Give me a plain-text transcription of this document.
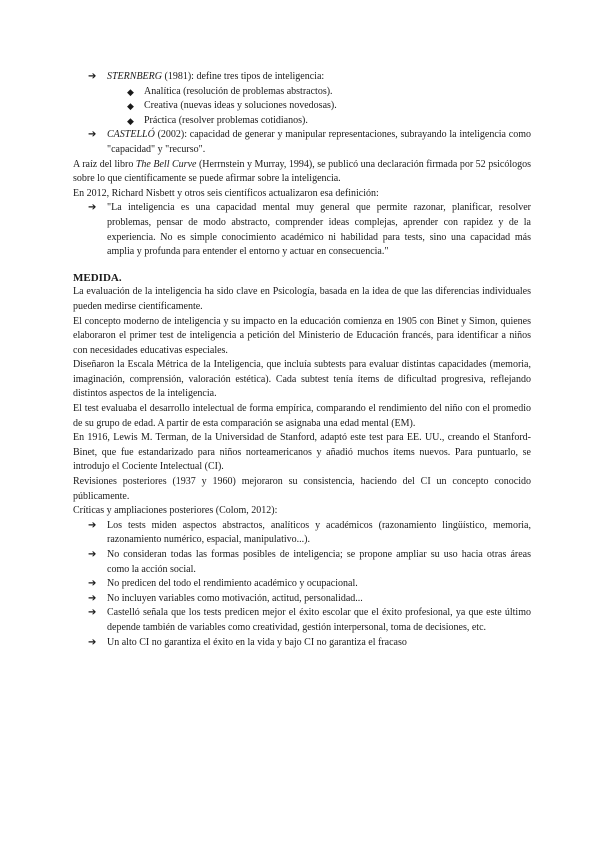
➔ STERNBERG (1981): define tres tipos de inteligencia:

◆ Analítica (resolución de problemas abstractos).

◆ Creativa (nuevas ideas y soluciones novedosas).

◆ Práctica (resolver problemas cotidianos).

➔ CASTELLÓ (2002): capacidad de generar y manipular representaciones, subrayando la inteligencia como "capacidad" y "recurso".

A raíz del libro The Bell Curve (Herrnstein y Murray, 1994), se publicó una declaración firmada por 52 psicólogos sobre lo que científicamente se puede afirmar sobre la inteligencia.

En 2012, Richard Nisbett y otros seis científicos actualizaron esa definición:

➔ "La inteligencia es una capacidad mental muy general que permite razonar, planificar, resolver problemas, pensar de modo abstracto, comprender ideas complejas, aprender con rapidez y de la experiencia. No es simple conocimiento académico ni habilidad para tests, sino una capacidad más amplia y profunda para entender el entorno y actuar en consecuencia."

MEDIDA.

La evaluación de la inteligencia ha sido clave en Psicología, basada en la idea de que las diferencias individuales pueden medirse científicamente.

El concepto moderno de inteligencia y su impacto en la educación comienza en 1905 con Binet y Simon, quienes elaboraron el primer test de inteligencia a petición del Ministerio de Educación francés, para identificar a niños con necesidades educativas especiales.

Diseñaron la Escala Métrica de la Inteligencia, que incluía subtests para evaluar distintas capacidades (memoria, imaginación, comprensión, valoración estética). Cada subtest tenía ítems de dificultad progresiva, reflejando distintos aspectos de la inteligencia.

El test evaluaba el desarrollo intelectual de forma empírica, comparando el rendimiento del niño con el promedio de su grupo de edad. A partir de esta comparación se asignaba una edad mental (EM).

En 1916, Lewis M. Terman, de la Universidad de Stanford, adaptó este test para EE. UU., creando el Stanford-Binet, que fue estandarizado para niños norteamericanos y añadió muchos ítems nuevos. Para puntuarlo, se introdujo el Cociente Intelectual (CI).

Revisiones posteriores (1937 y 1960) mejoraron su consistencia, haciendo del CI un concepto conocido públicamente.

Críticas y ampliaciones posteriores (Colom, 2012):

➔ Los tests miden aspectos abstractos, analíticos y académicos (razonamiento lingüístico, memoria, razonamiento numérico, espacial, manipulativo...).

➔ No consideran todas las formas posibles de inteligencia; se propone ampliar su uso hacia otras áreas como la acción social.

➔ No predicen del todo el rendimiento académico y ocupacional.

➔ No incluyen variables como motivación, actitud, personalidad...

➔ Castelló señala que los tests predicen mejor el éxito escolar que el éxito profesional, ya que este último depende también de variables como creatividad, gestión interpersonal, toma de decisiones, etc.

➔ Un alto CI no garantiza el éxito en la vida y bajo CI no garantiza el fracaso
